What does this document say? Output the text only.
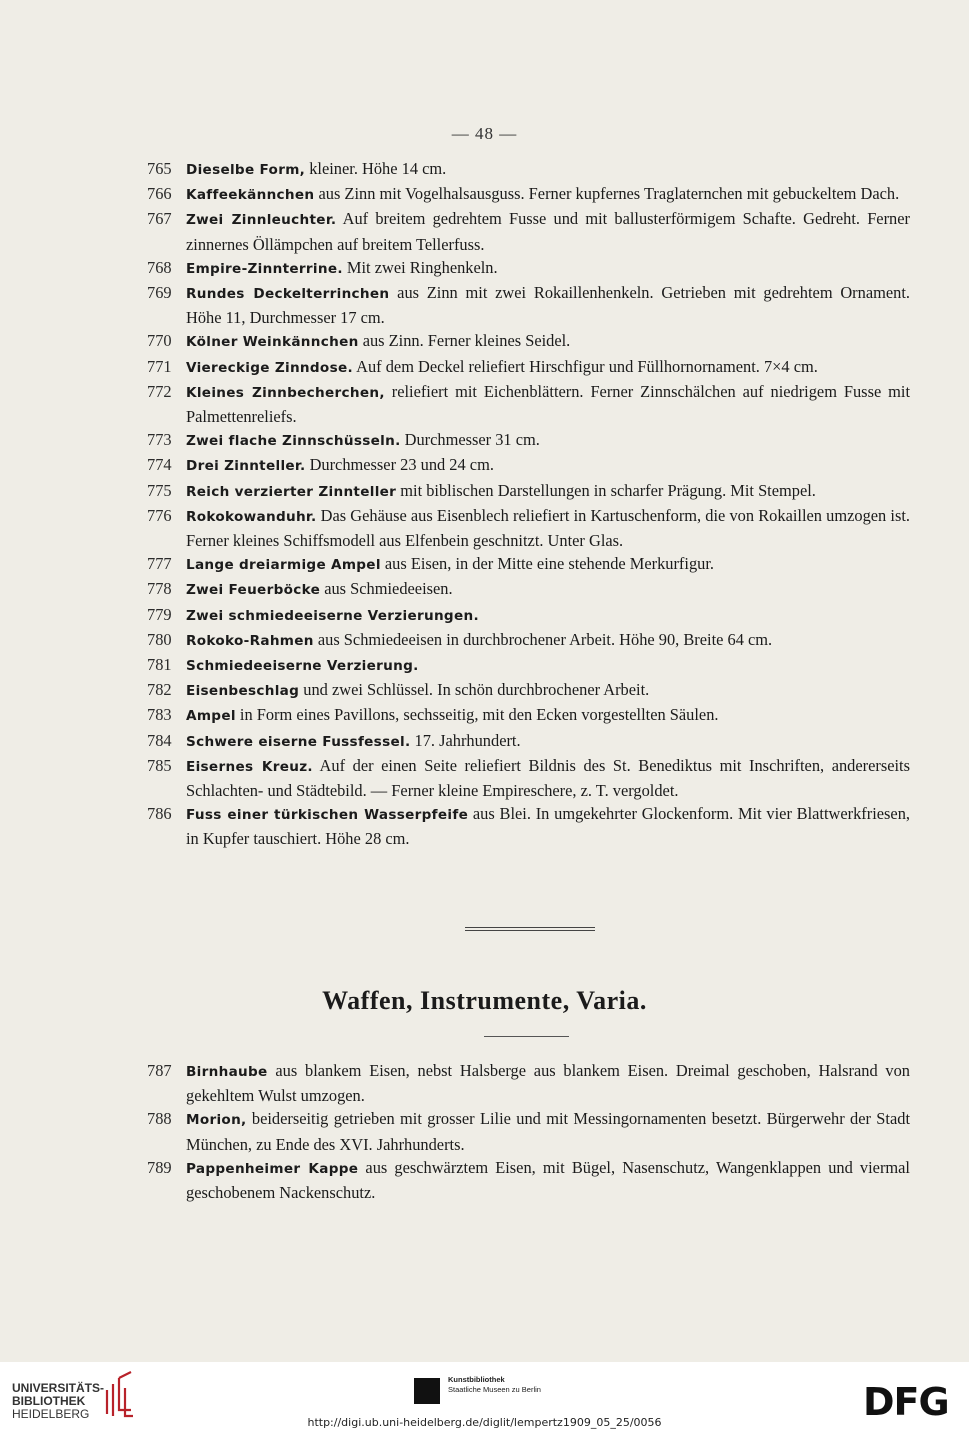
— 48 —
765	Dieselbe Form, kleiner. Höhe 14 cm.
766	Kaffeekännchen aus Zinn mit Vogelhalsausguss. Ferner kupfernes Traglaternchen mit gebuckeltem Dach.
767	Zwei Zinnleuchter. Auf breitem gedrehtem Fusse und mit ballusterförmigem Schafte. Gedreht. Ferner zinnernes Öllämpchen auf breitem Tellerfuss.
768	Empire-Zinnterrine. Mit zwei Ringhenkeln.
769	Rundes Deckelterrinchen aus Zinn mit zwei Rokaillenhenkeln. Getrieben mit gedrehtem Ornament. Höhe 11, Durchmesser 17 cm.
770	Kölner Weinkännchen aus Zinn. Ferner kleines Seidel.
771	Viereckige Zinndose. Auf dem Deckel reliefiert Hirschfigur und Füllhornornament. 7×4 cm.
772	Kleines Zinnbecherchen, reliefiert mit Eichenblättern. Ferner Zinnschälchen auf niedrigem Fusse mit Palmettenreliefs.
773	Zwei flache Zinnschüsseln. Durchmesser 31 cm.
774	Drei Zinnteller. Durchmesser 23 und 24 cm.
775	Reich verzierter Zinnteller mit biblischen Darstellungen in scharfer Prägung. Mit Stempel.
776	Rokokowanduhr. Das Gehäuse aus Eisenblech reliefiert in Kartuschenform, die von Rokaillen umzogen ist. Ferner kleines Schiffsmodell aus Elfenbein geschnitzt. Unter Glas.
777	Lange dreiarmige Ampel aus Eisen, in der Mitte eine stehende Merkurfigur.
778	Zwei Feuerböcke aus Schmiedeeisen.
779	Zwei schmiedeeiserne Verzierungen.
780	Rokoko-Rahmen aus Schmiedeeisen in durchbrochener Arbeit. Höhe 90, Breite 64 cm.
781	Schmiedeeiserne Verzierung.
782	Eisenbeschlag und zwei Schlüssel. In schön durchbrochener Arbeit.
783	Ampel in Form eines Pavillons, sechsseitig, mit den Ecken vorgestellten Säulen.
784	Schwere eiserne Fussfessel. 17. Jahrhundert.
785	Eisernes Kreuz. Auf der einen Seite reliefiert Bildnis des St. Benediktus mit Inschriften, andererseits Schlachten- und Städtebild. — Ferner kleine Empireschere, z. T. vergoldet.
786	Fuss einer türkischen Wasserpfeife aus Blei. In umgekehrter Glockenform. Mit vier Blattwerkfriesen, in Kupfer tauschiert. Höhe 28 cm.
Waffen, Instrumente, Varia.
787	Birnhaube aus blankem Eisen, nebst Halsberge aus blankem Eisen. Dreimal geschoben, Halsrand von gekehltem Wulst umzogen.
788	Morion, beiderseitig getrieben mit grosser Lilie und mit Messingornamenten besetzt. Bürgerwehr der Stadt München, zu Ende des XVI. Jahrhunderts.
789	Pappenheimer Kappe aus geschwärztem Eisen, mit Bügel, Nasenschutz, Wangenklappen und viermal geschobenem Nackenschutz.
UNIVERSITÄTS-
BIBLIOTHEK
HEIDELBERG
Kunstbibliothek
Staatliche Museen zu Berlin	DFG
http://digi.ub.uni-heidelberg.de/diglit/lempertz1909_05_25/0056
